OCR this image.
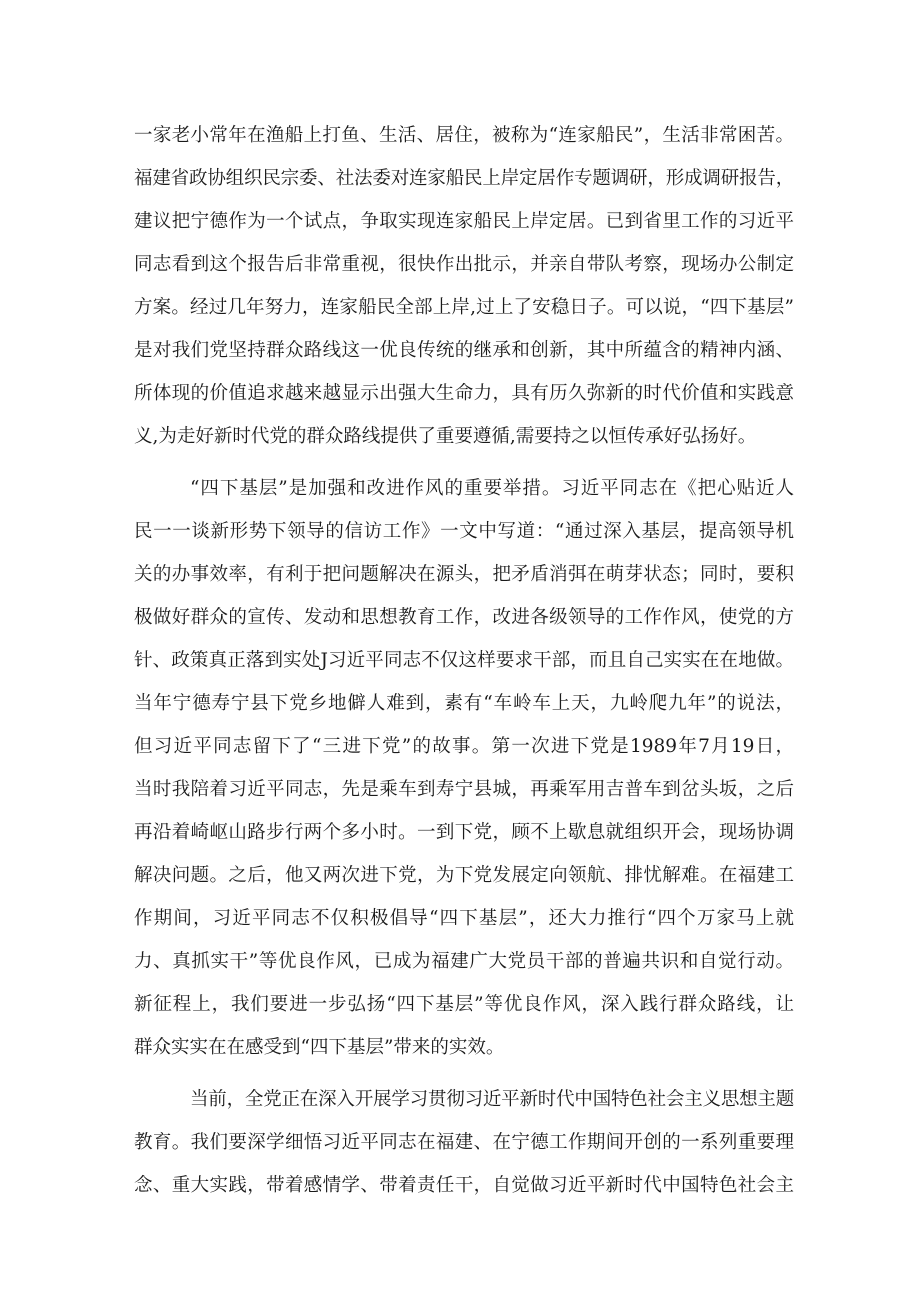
一家老小常年在渔船上打鱼、生活、居住，被称为“连家船民”，生活非常困苦。
福建省政协组织民宗委、社法委对连家船民上岸定居作专题调研，形成调研报告，
建议把宁德作为一个试点，争取实现连家船民上岸定居。已到省里工作的习近平
同志看到这个报告后非常重视，很快作出批示，并亲自带队考察，现场办公制定
方案。经过几年努力，连家船民全部上岸,过上了安稳日子。可以说，“四下基层”
是对我们党坚持群众路线这一优良传统的继承和创新，其中所蕴含的精神内涵、
所体现的价值追求越来越显示出强大生命力，具有历久弥新的时代价值和实践意
义,为走好新时代党的群众路线提供了重要遵循,需要持之以恒传承好弘扬好。
“四下基层”是加强和改进作风的重要举措。习近平同志在《把心贴近人
民一一谈新形势下领导的信访工作》一文中写道：“通过深入基层，提高领导机
关的办事效率，有利于把问题解决在源头，把矛盾消弭在萌芽状态；同时，要积
极做好群众的宣传、发动和思想教育工作，改进各级领导的工作作风，使党的方
针、政策真正落到实处J习近平同志不仅这样要求干部，而且自己实实在在地做。
当年宁德寿宁县下党乡地僻人难到，素有“车岭车上天，九岭爬九年”的说法，
但习近平同志留下了“三进下党”的故事。第一次进下党是1989年7月19日，
当时我陪着习近平同志，先是乘车到寿宁县城，再乘军用吉普车到岔头坂，之后
再沿着崎岖山路步行两个多小时。一到下党，顾不上歇息就组织开会，现场协调
解决问题。之后，他又两次进下党，为下党发展定向领航、排忧解难。在福建工
作期间，习近平同志不仅积极倡导“四下基层”，还大力推行“四个万家马上就
力、真抓实干”等优良作风，已成为福建广大党员干部的普遍共识和自觉行动。
新征程上，我们要进一步弘扬“四下基层”等优良作风，深入践行群众路线，让
群众实实在在感受到“四下基层”带来的实效。
当前，全党正在深入开展学习贯彻习近平新时代中国特色社会主义思想主题
教育。我们要深学细悟习近平同志在福建、在宁德工作期间开创的一系列重要理
念、重大实践，带着感情学、带着责任干，自觉做习近平新时代中国特色社会主
